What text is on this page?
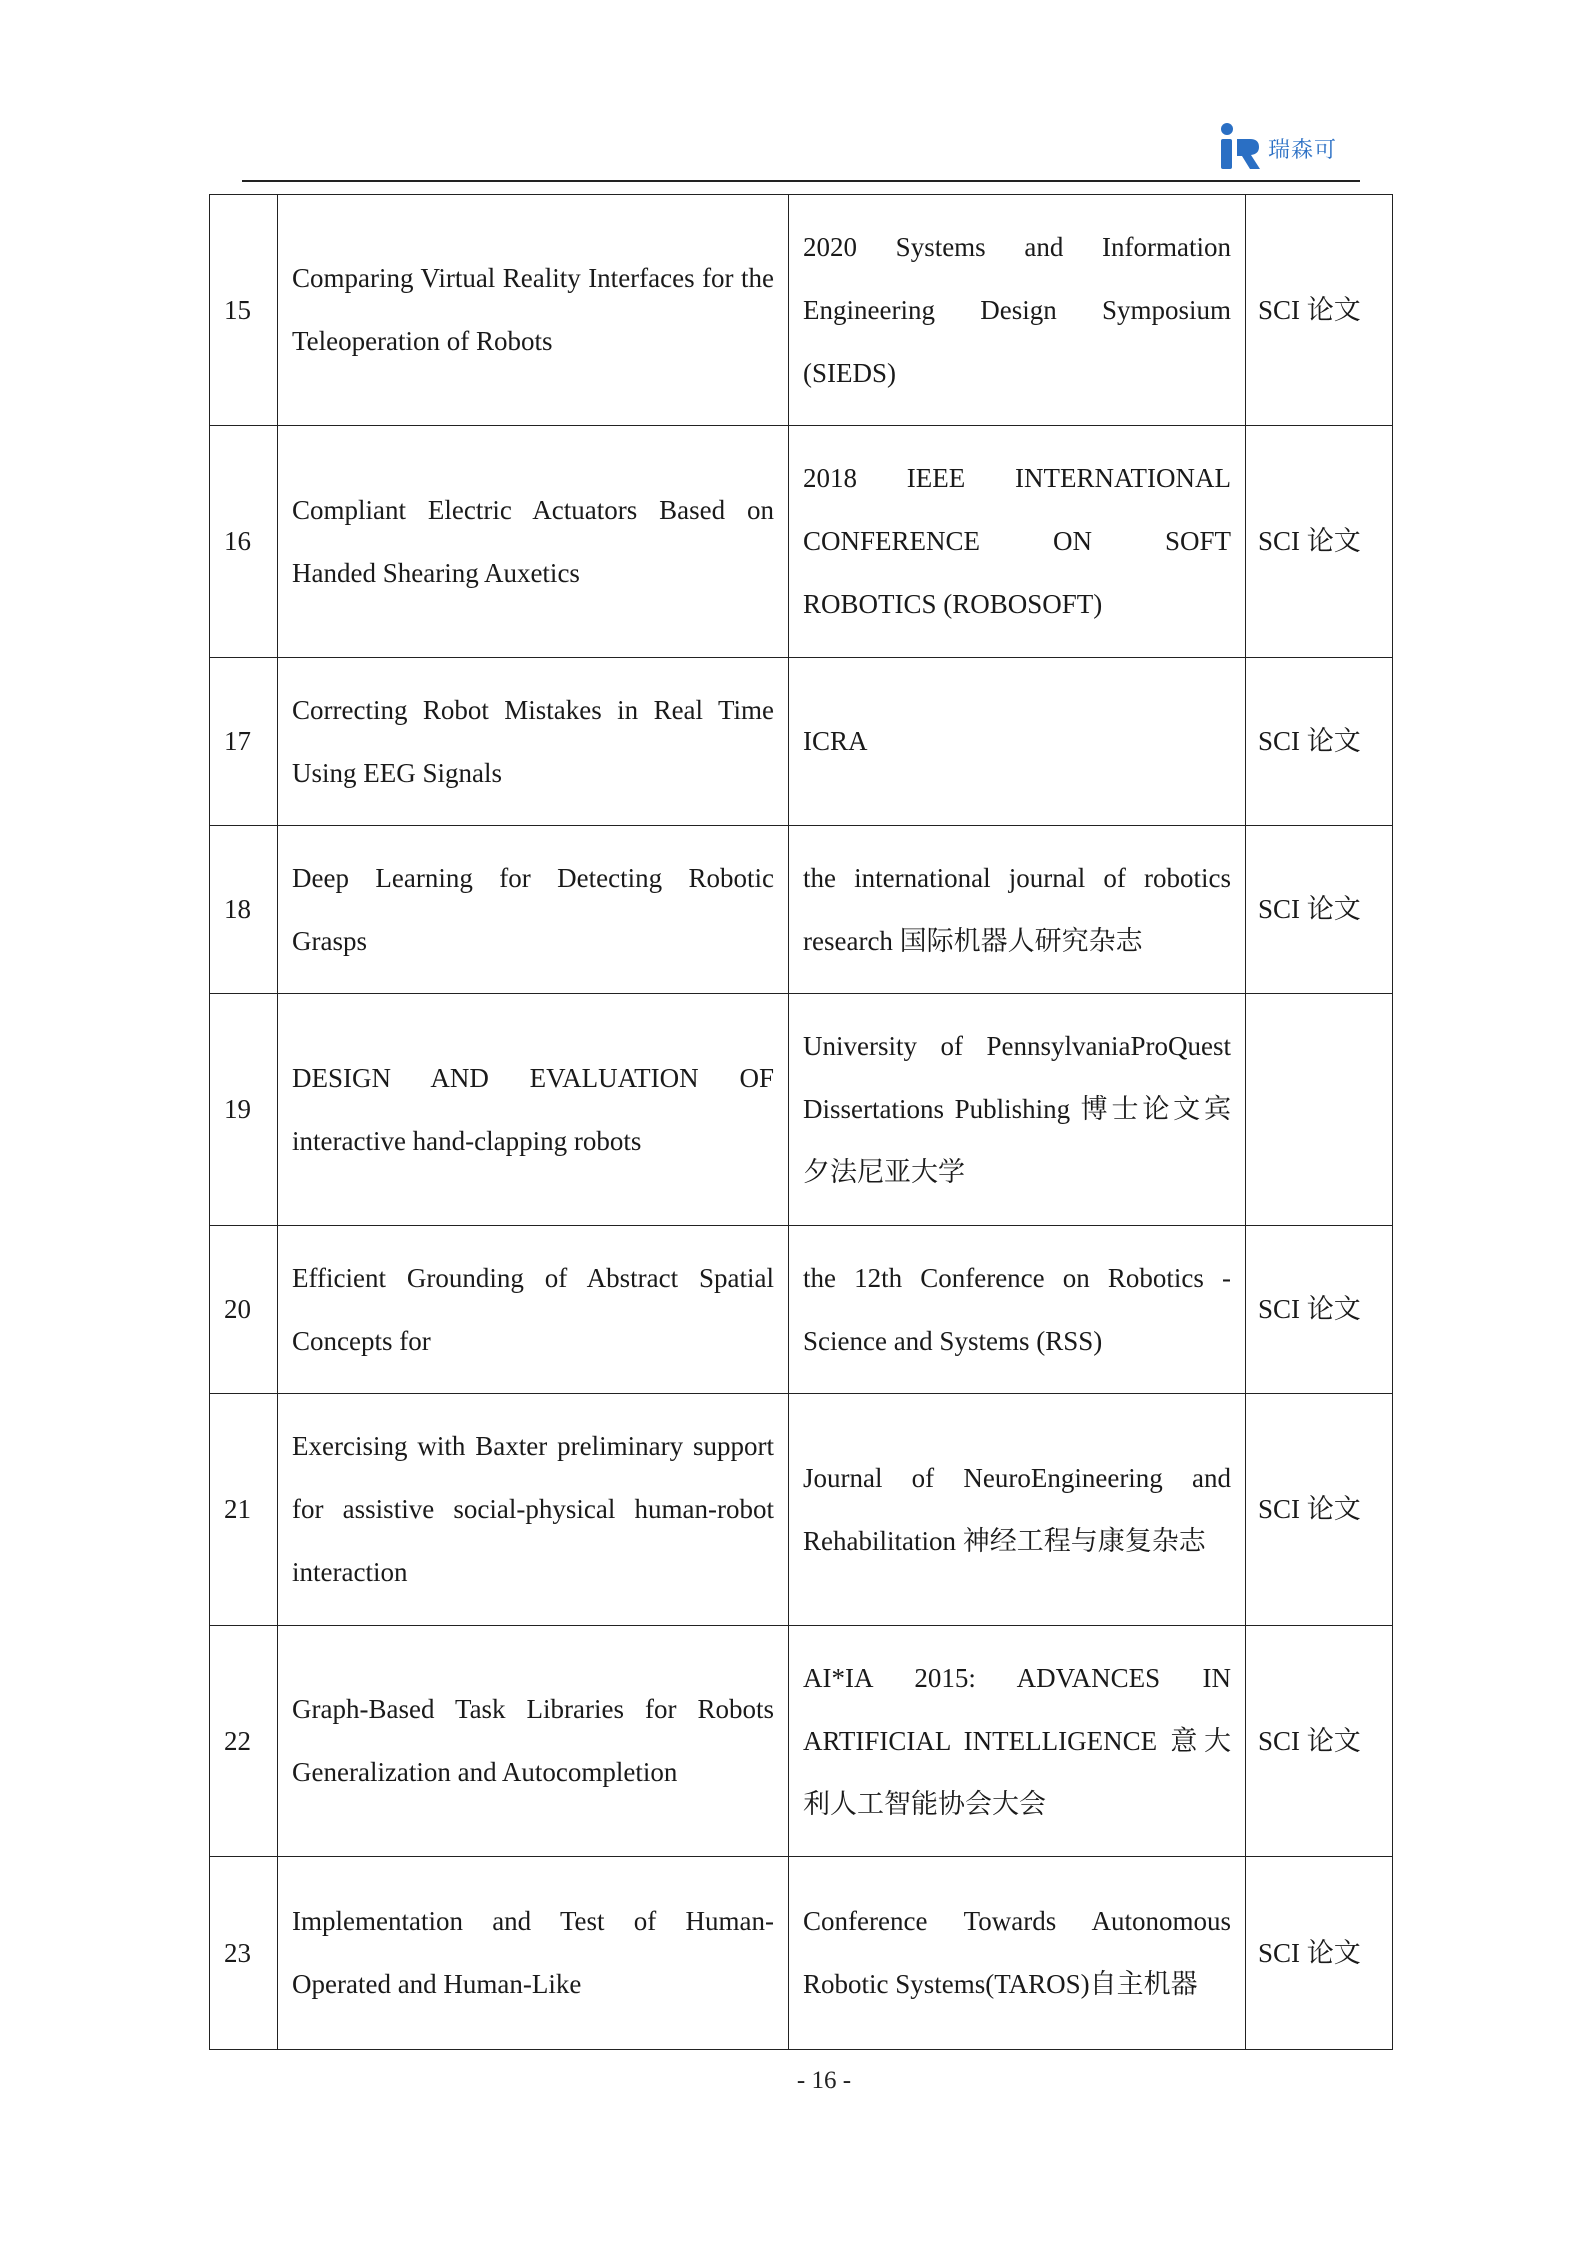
瑞森可
15	Comparing Virtual Reality Interfaces for the Teleoperation of Robots	2020 Systems and Information Engineering Design Symposium (SIEDS)	SCI 论文
16	Compliant Electric Actuators Based on Handed Shearing Auxetics	2018 IEEE INTERNATIONAL CONFERENCE ON SOFT ROBOTICS (ROBOSOFT)	SCI 论文
17	Correcting Robot Mistakes in Real Time Using EEG Signals	ICRA	SCI 论文
18	Deep Learning for Detecting Robotic Grasps	the international journal of robotics research 国际机器人研究杂志	SCI 论文
19	DESIGN AND EVALUATION OF interactive hand-clapping robots	University of PennsylvaniaProQuest Dissertations Publishing 博士论文宾夕法尼亚大学	
20	Efficient Grounding of Abstract Spatial Concepts for	the 12th Conference on Robotics - Science and Systems (RSS)	SCI 论文
21	Exercising with Baxter preliminary support for assistive social-physical human-robot interaction	Journal of NeuroEngineering and Rehabilitation 神经工程与康复杂志	SCI 论文
22	Graph-Based Task Libraries for Robots Generalization and Autocompletion	AI*IA 2015: ADVANCES IN ARTIFICIAL INTELLIGENCE 意大利人工智能协会大会	SCI 论文
23	Implementation and Test of Human-Operated and Human-Like	Conference Towards Autonomous Robotic Systems(TAROS)自主机器	SCI 论文
- 16 -
